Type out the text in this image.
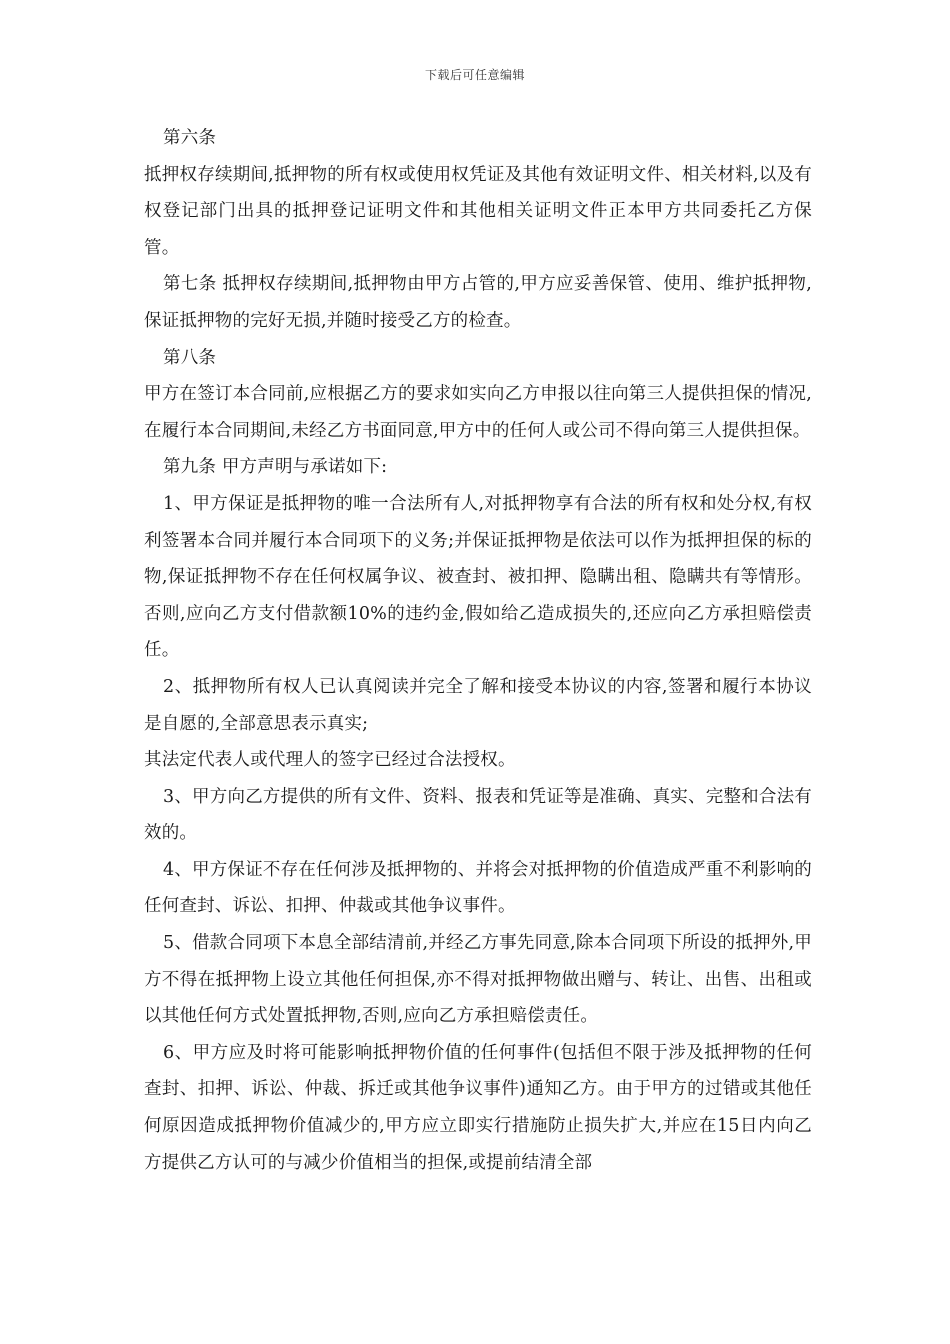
下载后可任意编辑

第六条

抵押权存续期间,抵押物的所有权或使用权凭证及其他有效证明文件、相关材料,以及有权登记部门出具的抵押登记证明文件和其他相关证明文件正本甲方共同委托乙方保管。

第七条 抵押权存续期间,抵押物由甲方占管的,甲方应妥善保管、使用、维护抵押物,保证抵押物的完好无损,并随时接受乙方的检查。

第八条

甲方在签订本合同前,应根据乙方的要求如实向乙方申报以往向第三人提供担保的情况,在履行本合同期间,未经乙方书面同意,甲方中的任何人或公司不得向第三人提供担保。

第九条 甲方声明与承诺如下:

1、甲方保证是抵押物的唯一合法所有人,对抵押物享有合法的所有权和处分权,有权利签署本合同并履行本合同项下的义务;并保证抵押物是依法可以作为抵押担保的标的物,保证抵押物不存在任何权属争议、被查封、被扣押、隐瞒出租、隐瞒共有等情形。否则,应向乙方支付借款额10%的违约金,假如给乙造成损失的,还应向乙方承担赔偿责任。

2、抵押物所有权人已认真阅读并完全了解和接受本协议的内容,签署和履行本协议是自愿的,全部意思表示真实;

其法定代表人或代理人的签字已经过合法授权。

3、甲方向乙方提供的所有文件、资料、报表和凭证等是准确、真实、完整和合法有效的。

4、甲方保证不存在任何涉及抵押物的、并将会对抵押物的价值造成严重不利影响的任何查封、诉讼、扣押、仲裁或其他争议事件。

5、借款合同项下本息全部结清前,并经乙方事先同意,除本合同项下所设的抵押外,甲方不得在抵押物上设立其他任何担保,亦不得对抵押物做出赠与、转让、出售、出租或以其他任何方式处置抵押物,否则,应向乙方承担赔偿责任。

6、甲方应及时将可能影响抵押物价值的任何事件(包括但不限于涉及抵押物的任何查封、扣押、诉讼、仲裁、拆迁或其他争议事件)通知乙方。由于甲方的过错或其他任何原因造成抵押物价值减少的,甲方应立即实行措施防止损失扩大,并应在15日内向乙方提供乙方认可的与减少价值相当的担保,或提前结清全部
